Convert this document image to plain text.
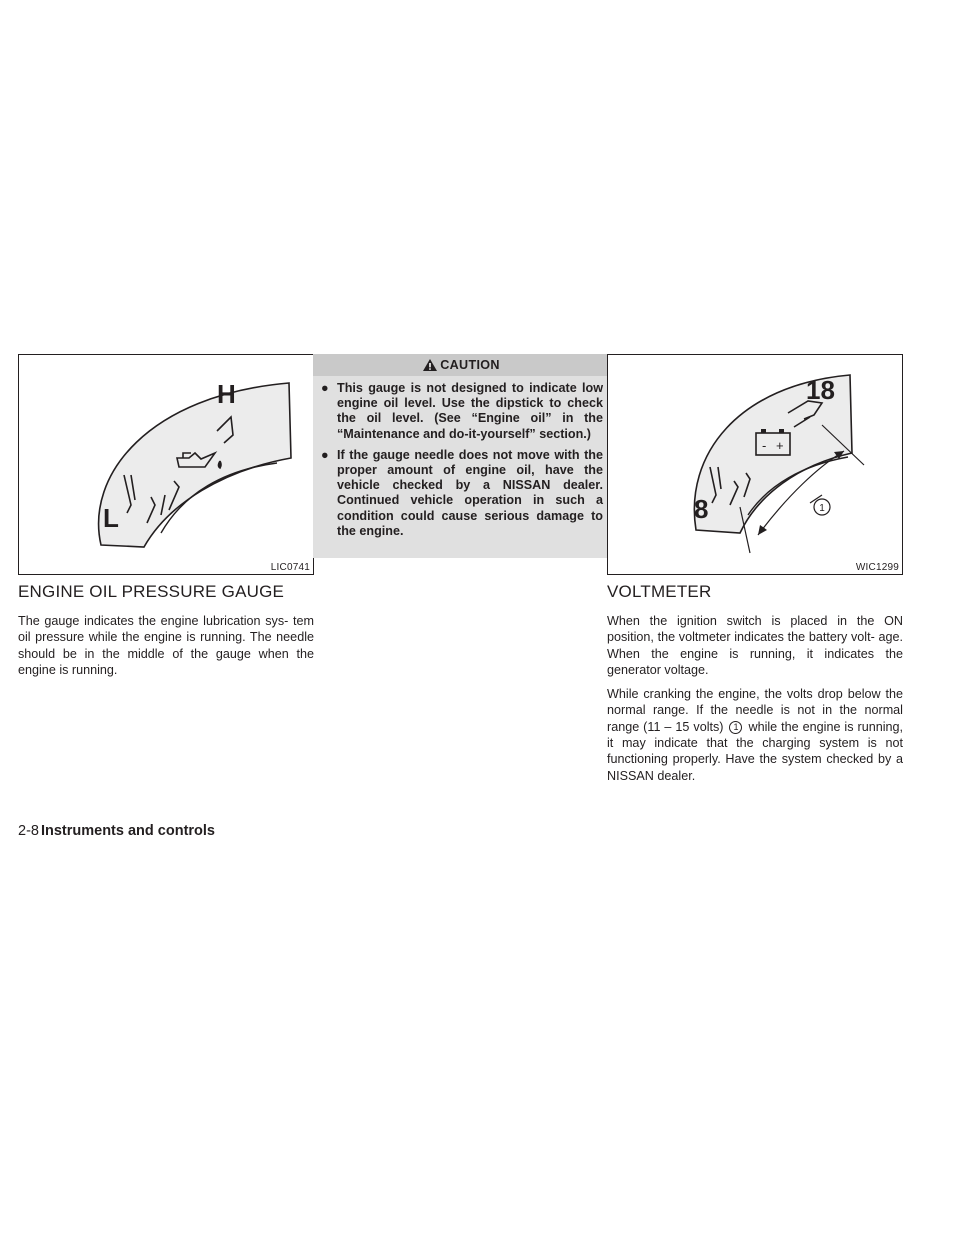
H
L
LIC0741
ENGINE OIL PRESSURE GAUGE

The gauge indicates the engine lubrication sys- tem oil pressure while the engine is running. The needle should be in the middle of the gauge when the engine is running.

CAUTION
● This gauge is not designed to indicate low engine oil level. Use the dipstick to check the oil level. (See “Engine oil” in the “Maintenance and do-it-yourself” section.)
● If the gauge needle does not move with the proper amount of engine oil, have the vehicle checked by a NISSAN dealer. Continued vehicle operation in such a condition could cause serious damage to the engine.
- +
1
18
8
WIC1299
VOLTMETER

When the ignition switch is placed in the ON position, the voltmeter indicates the battery volt- age. When the engine is running, it indicates the generator voltage.

While cranking the engine, the volts drop below the normal range. If the needle is not in the normal range (11 – 15 volts) 1 while the engine is running, it may indicate that the charging system is not functioning properly. Have the system checked by a NISSAN dealer.

2-8 Instruments and controls
